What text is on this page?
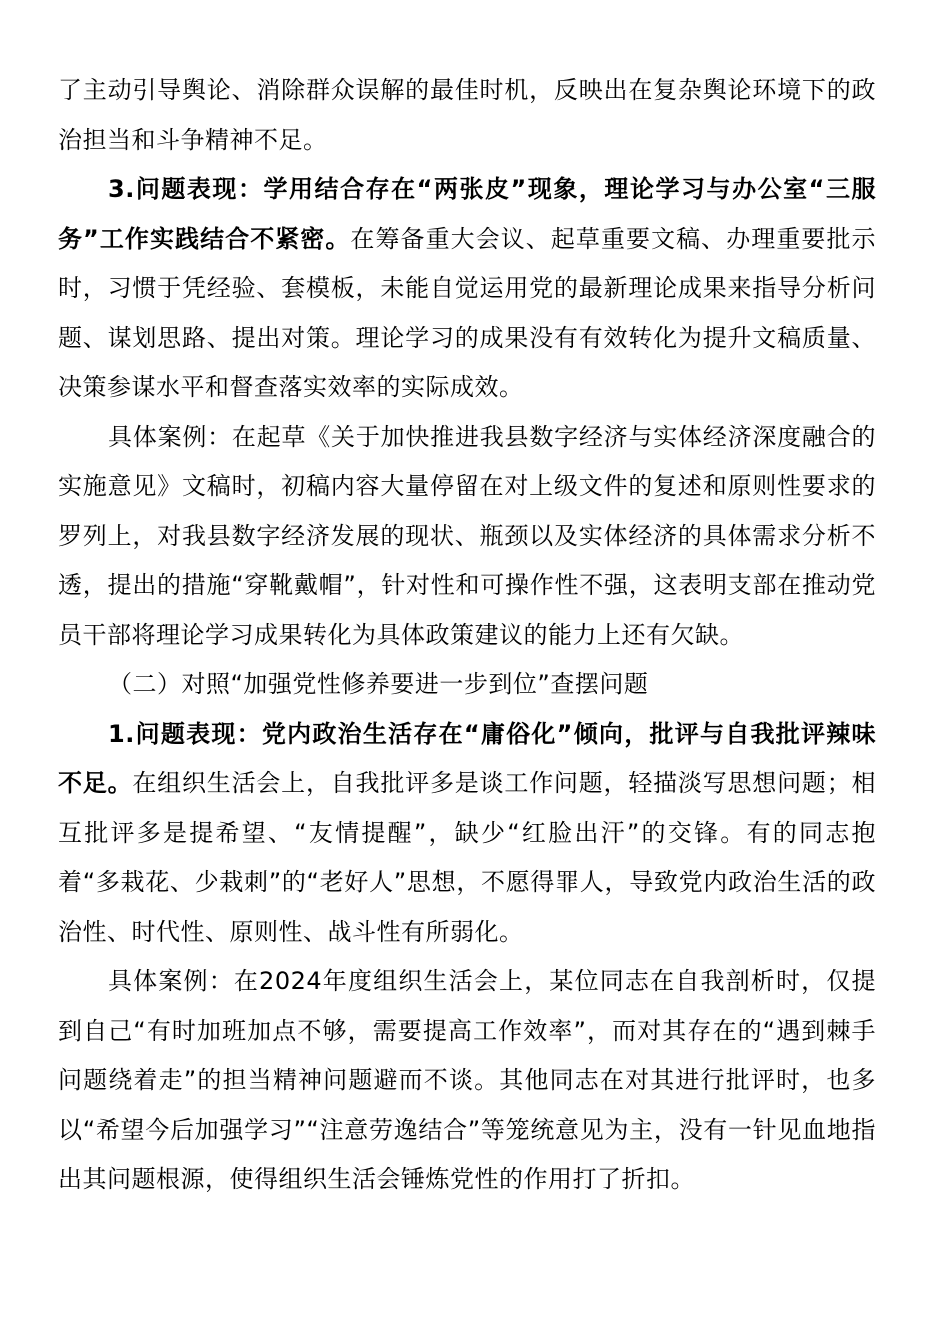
了主动引导舆论、消除群众误解的最佳时机，反映出在复杂舆论环境下的政治担当和斗争精神不足。

3.问题表现：学用结合存在“两张皮”现象，理论学习与办公室“三服务”工作实践结合不紧密。在筹备重大会议、起草重要文稿、办理重要批示时，习惯于凭经验、套模板，未能自觉运用党的最新理论成果来指导分析问题、谋划思路、提出对策。理论学习的成果没有有效转化为提升文稿质量、决策参谋水平和督查落实效率的实际成效。

具体案例：在起草《关于加快推进我县数字经济与实体经济深度融合的实施意见》文稿时，初稿内容大量停留在对上级文件的复述和原则性要求的罗列上，对我县数字经济发展的现状、瓶颈以及实体经济的具体需求分析不透，提出的措施“穿靴戴帽”，针对性和可操作性不强，这表明支部在推动党员干部将理论学习成果转化为具体政策建议的能力上还有欠缺。

（二）对照“加强党性修养要进一步到位”查摆问题

1.问题表现：党内政治生活存在“庸俗化”倾向，批评与自我批评辣味不足。在组织生活会上，自我批评多是谈工作问题，轻描淡写思想问题；相互批评多是提希望、“友情提醒”，缺少“红脸出汗”的交锋。有的同志抱着“多栽花、少栽刺”的“老好人”思想，不愿得罪人，导致党内政治生活的政治性、时代性、原则性、战斗性有所弱化。

具体案例：在2024年度组织生活会上，某位同志在自我剖析时，仅提到自己“有时加班加点不够，需要提高工作效率”，而对其存在的“遇到棘手问题绕着走”的担当精神问题避而不谈。其他同志在对其进行批评时，也多以“希望今后加强学习”“注意劳逸结合”等笼统意见为主，没有一针见血地指出其问题根源，使得组织生活会锤炼党性的作用打了折扣。
